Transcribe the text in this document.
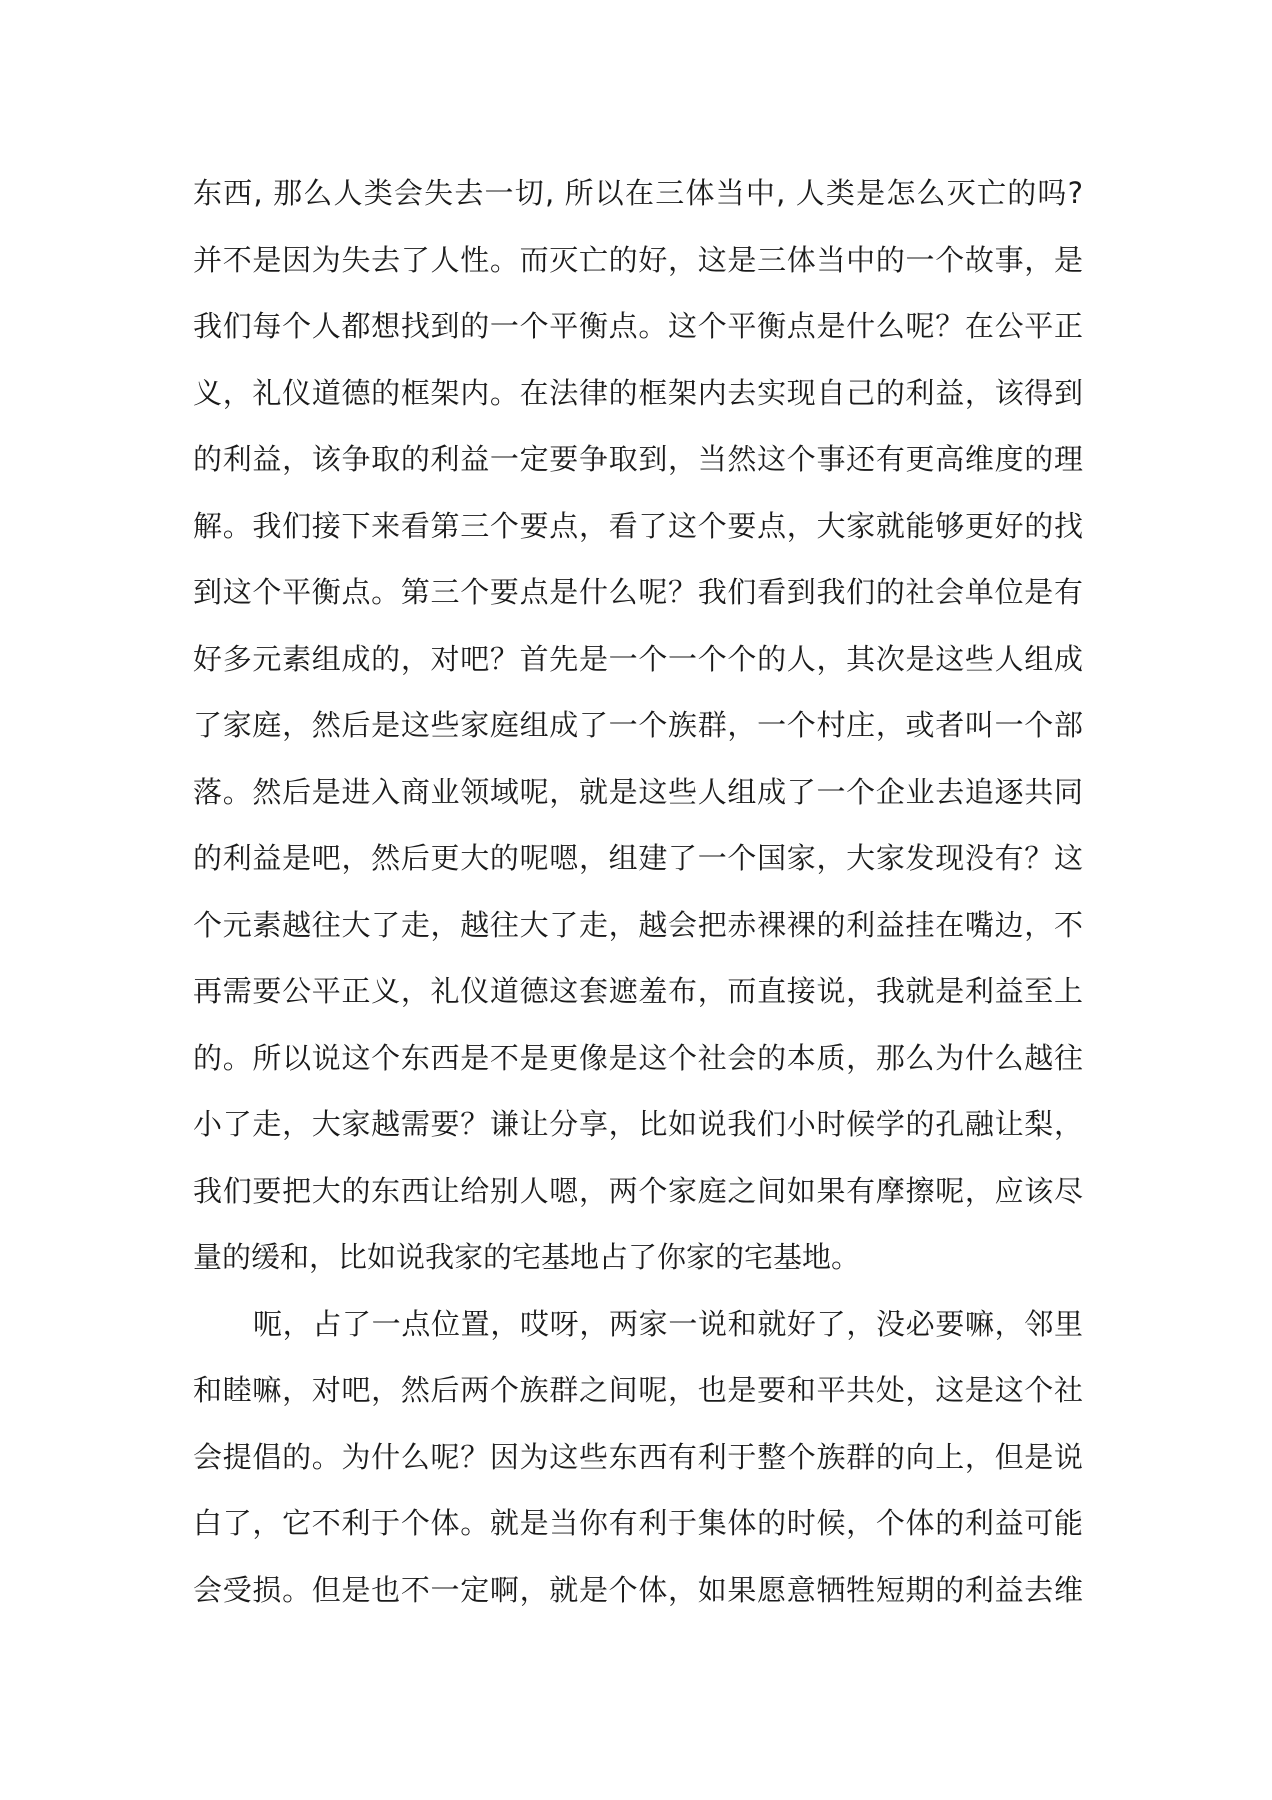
东西, 那么人类会失去一切, 所以在三体当中, 人类是怎么灭亡的吗?
并不是因为失去了人性。而灭亡的好，这是三体当中的一个故事，是
我们每个人都想找到的一个平衡点。这个平衡点是什么呢？在公平正
义，礼仪道德的框架内。在法律的框架内去实现自己的利益，该得到
的利益，该争取的利益一定要争取到，当然这个事还有更高维度的理
解。我们接下来看第三个要点，看了这个要点，大家就能够更好的找
到这个平衡点。第三个要点是什么呢？我们看到我们的社会单位是有
好多元素组成的，对吧？首先是一个一个个的人，其次是这些人组成
了家庭，然后是这些家庭组成了一个族群，一个村庄，或者叫一个部
落。然后是进入商业领域呢，就是这些人组成了一个企业去追逐共同
的利益是吧，然后更大的呢嗯，组建了一个国家，大家发现没有？这
个元素越往大了走，越往大了走，越会把赤裸裸的利益挂在嘴边，不
再需要公平正义，礼仪道德这套遮羞布，而直接说，我就是利益至上
的。所以说这个东西是不是更像是这个社会的本质，那么为什么越往
小了走，大家越需要？谦让分享，比如说我们小时候学的孔融让梨，
我们要把大的东西让给别人嗯，两个家庭之间如果有摩擦呢，应该尽
量的缓和，比如说我家的宅基地占了你家的宅基地。
呃，占了一点位置，哎呀，两家一说和就好了，没必要嘛，邻里
和睦嘛，对吧，然后两个族群之间呢，也是要和平共处，这是这个社
会提倡的。为什么呢？因为这些东西有利于整个族群的向上，但是说
白了，它不利于个体。就是当你有利于集体的时候，个体的利益可能
会受损。但是也不一定啊，就是个体，如果愿意牺牲短期的利益去维
